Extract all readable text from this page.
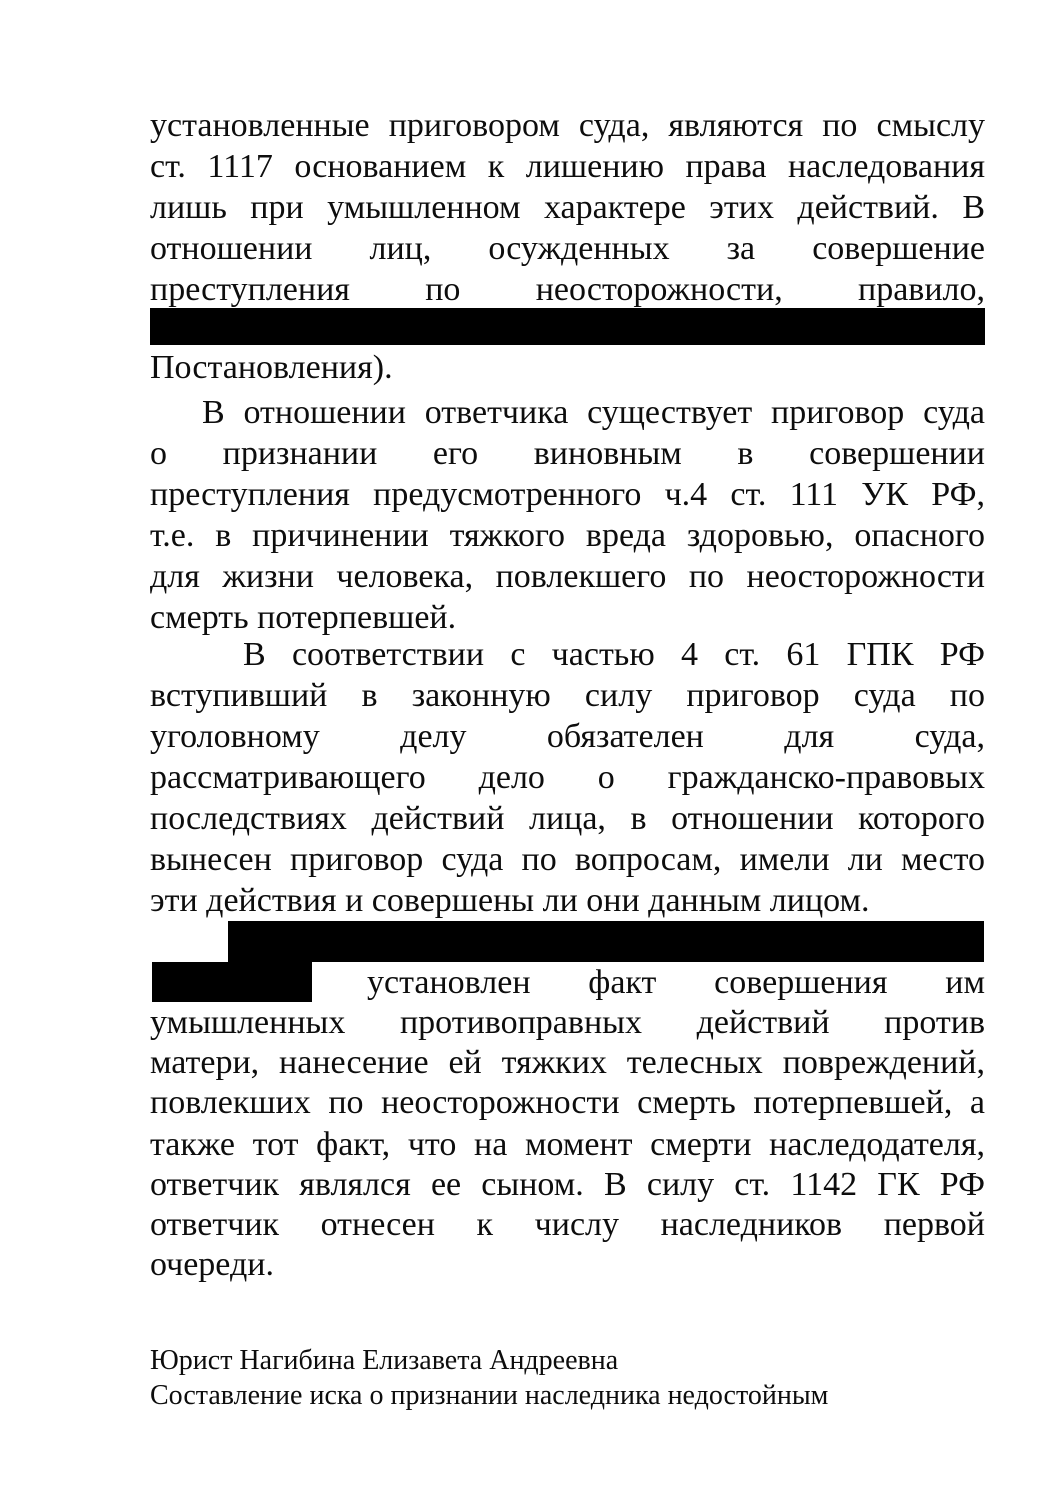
установленные приговором суда, являются по смыслу
ст. 1117 основанием к лишению права наследования
лишь при умышленном характере этих действий. В
отношении лиц, осужденных за совершение
преступления по неосторожности, правило,
Постановления).
В отношении ответчика существует приговор суда
о признании его виновным в совершении
преступления предусмотренного ч.4 ст. 111 УК РФ,
т.е. в причинении тяжкого вреда здоровью, опасного
для жизни человека, повлекшего по неосторожности
смерть потерпевшей.
В соответствии с частью 4 ст. 61 ГПК РФ
вступивший в законную силу приговор суда по
уголовному делу обязателен для суда,
рассматривающего дело о гражданско-правовых
последствиях действий лица, в отношении которого
вынесен приговор суда по вопросам, имели ли место
эти действия и совершены ли они данным лицом.
установлен факт совершения им
умышленных противоправных действий против
матери, нанесение ей тяжких телесных повреждений,
повлекших по неосторожности смерть потерпевшей, а
также тот факт, что на момент смерти наследодателя,
ответчик являлся ее сыном. В силу ст. 1142 ГК РФ
ответчик отнесен к числу наследников первой
очереди.
Юрист Нагибина Елизавета Андреевна
Составление иска о признании наследника недостойным
